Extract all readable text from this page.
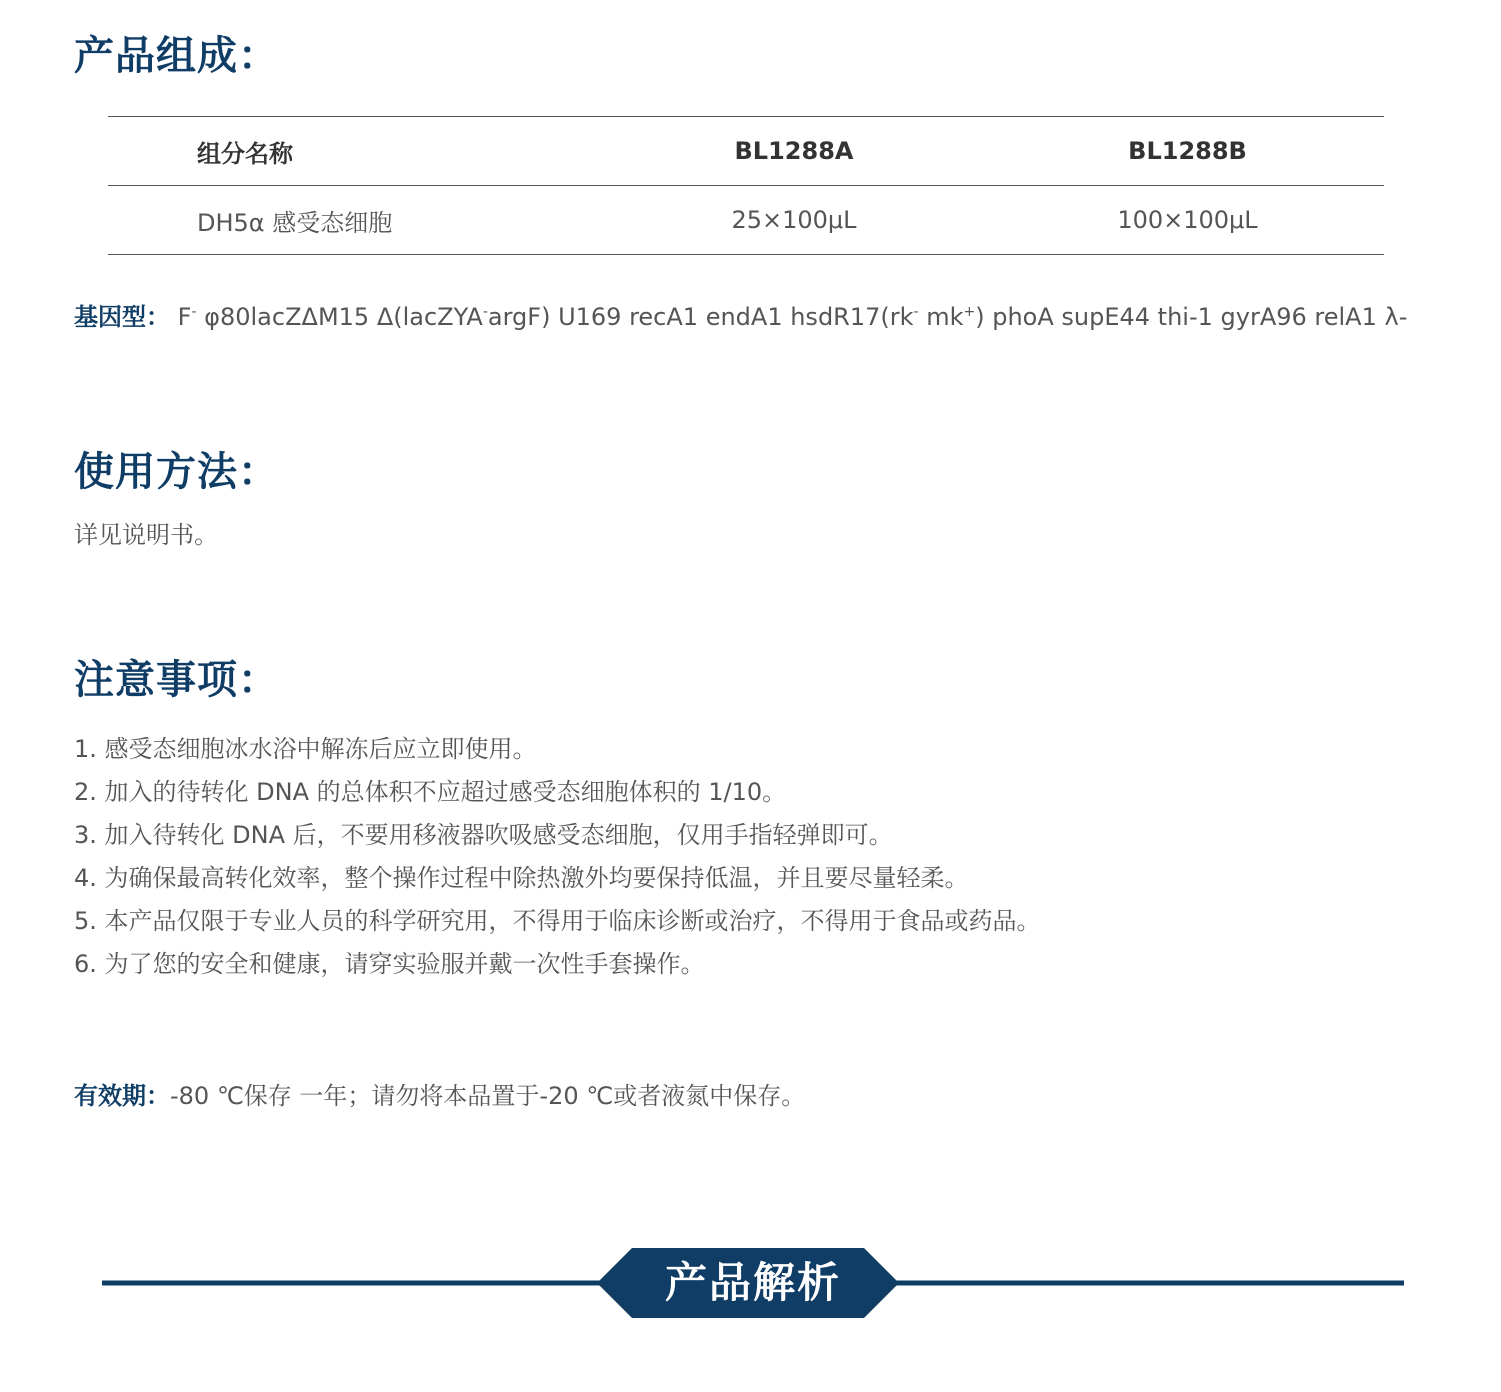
产品组成：
组分名称	BL1288A	BL1288B
DH5α 感受态细胞	25×100μL	100×100μL
基因型： F- φ80lacZΔM15 Δ(lacZYA-argF) U169 recA1 endA1 hsdR17(rk- mk+) phoA supE44 thi-1 gyrA96 relA1 λ-
使用方法：
详见说明书。
注意事项：
1. 感受态细胞冰水浴中解冻后应立即使用。
2. 加入的待转化 DNA 的总体积不应超过感受态细胞体积的 1/10。
3. 加入待转化 DNA 后，不要用移液器吹吸感受态细胞，仅用手指轻弹即可。
4. 为确保最高转化效率，整个操作过程中除热激外均要保持低温，并且要尽量轻柔。
5. 本产品仅限于专业人员的科学研究用，不得用于临床诊断或治疗，不得用于食品或药品。
6. 为了您的安全和健康，请穿实验服并戴一次性手套操作。
有效期：-80 ℃保存 一年；请勿将本品置于-20 ℃或者液氮中保存。
产品解析
